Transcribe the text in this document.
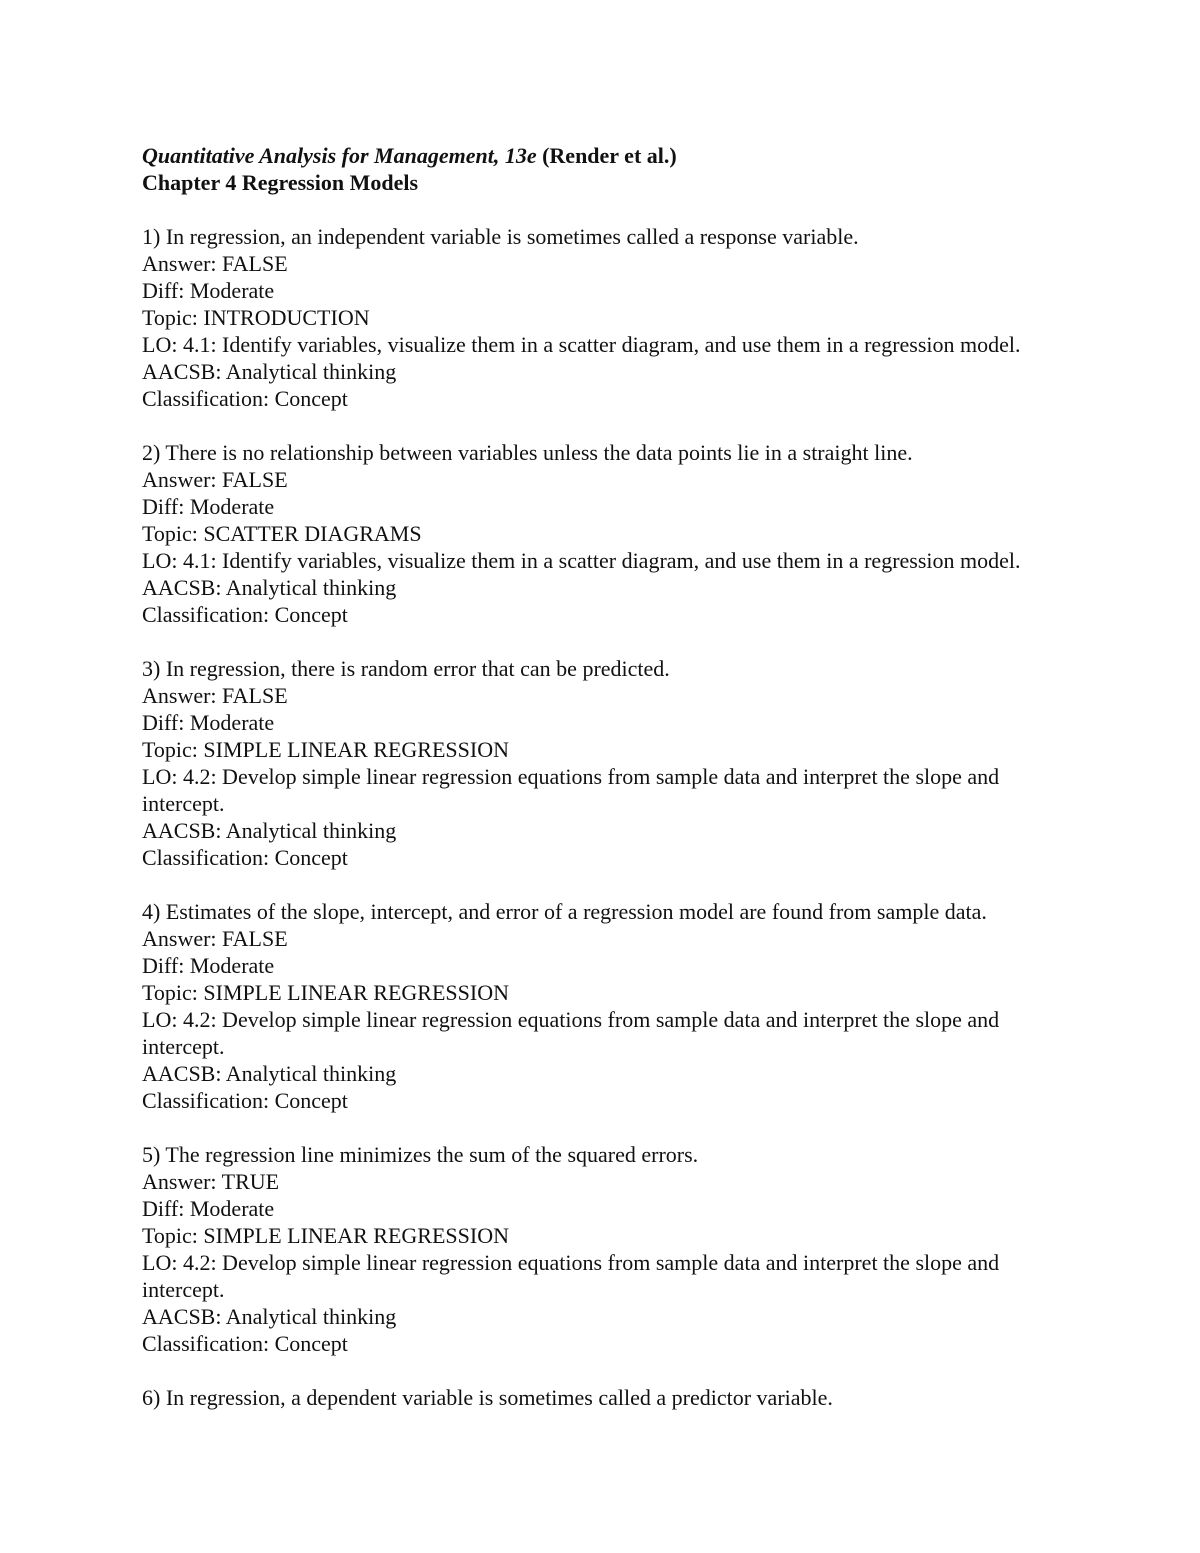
Quantitative Analysis for Management, 13e (Render et al.)
Chapter 4 Regression Models
1) In regression, an independent variable is sometimes called a response variable.
Answer: FALSE
Diff: Moderate
Topic: INTRODUCTION
LO: 4.1: Identify variables, visualize them in a scatter diagram, and use them in a regression model.
AACSB: Analytical thinking
Classification: Concept
2) There is no relationship between variables unless the data points lie in a straight line.
Answer: FALSE
Diff: Moderate
Topic: SCATTER DIAGRAMS
LO: 4.1: Identify variables, visualize them in a scatter diagram, and use them in a regression model.
AACSB: Analytical thinking
Classification: Concept
3) In regression, there is random error that can be predicted.
Answer: FALSE
Diff: Moderate
Topic: SIMPLE LINEAR REGRESSION
LO: 4.2: Develop simple linear regression equations from sample data and interpret the slope and intercept.
AACSB: Analytical thinking
Classification: Concept
4) Estimates of the slope, intercept, and error of a regression model are found from sample data.
Answer: FALSE
Diff: Moderate
Topic: SIMPLE LINEAR REGRESSION
LO: 4.2: Develop simple linear regression equations from sample data and interpret the slope and intercept.
AACSB: Analytical thinking
Classification: Concept
5) The regression line minimizes the sum of the squared errors.
Answer: TRUE
Diff: Moderate
Topic: SIMPLE LINEAR REGRESSION
LO: 4.2: Develop simple linear regression equations from sample data and interpret the slope and intercept.
AACSB: Analytical thinking
Classification: Concept
6) In regression, a dependent variable is sometimes called a predictor variable.
